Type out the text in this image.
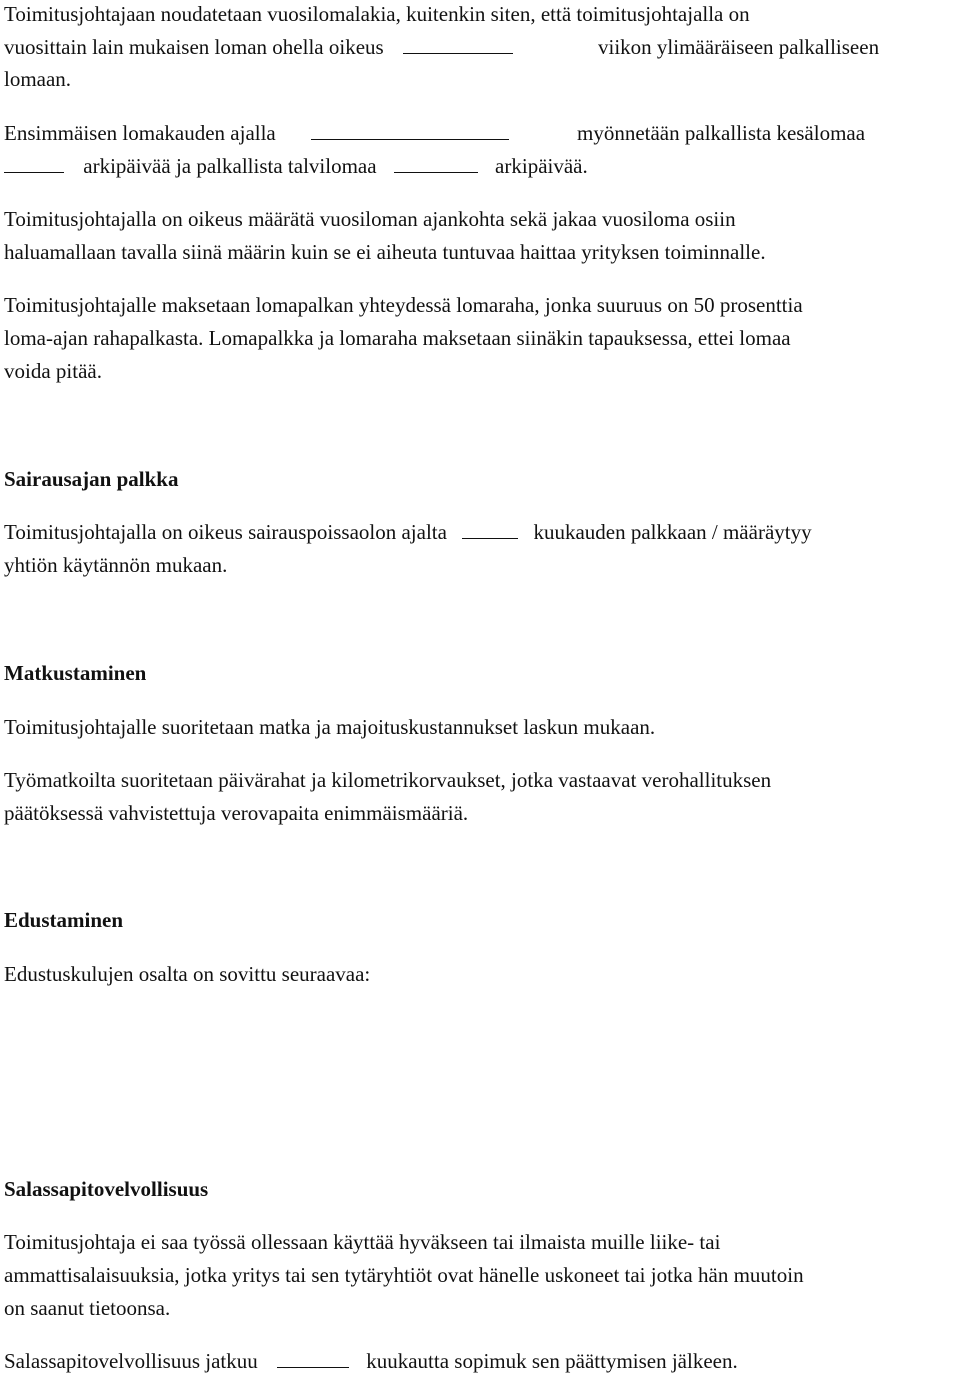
Toimitusjohtajaan noudatetaan vuosilomalakia, kuitenkin siten, että toimitusjohtajalla on
vuosittain lain mukaisen loman ohella oikeus	viikon ylimääräiseen palkalliseen
lomaan.
Ensimmäisen lomakauden ajalla	myönnetään palkallista kesälomaa
arkipäivää ja palkallista talvilomaa	arkipäivää.
Toimitusjohtajalla on oikeus määrätä vuosiloman ajankohta sekä jakaa vuosiloma osiin
haluamallaan tavalla siinä määrin kuin se ei aiheuta tuntuvaa haittaa yrityksen toiminnalle.
Toimitusjohtajalle maksetaan lomapalkan yhteydessä lomaraha, jonka suuruus on 50 prosenttia
loma-ajan rahapalkasta. Lomapalkka ja lomaraha maksetaan siinäkin tapauksessa, ettei lomaa
voida pitää.
Sairausajan palkka
Toimitusjohtajalla on oikeus sairauspoissaolon ajalta	kuukauden palkkaan / määräytyy
yhtiön käytännön mukaan.
Matkustaminen
Toimitusjohtajalle suoritetaan matka ja majoituskustannukset laskun mukaan.
Työmatkoilta suoritetaan päivärahat ja kilometrikorvaukset, jotka vastaavat verohallituksen
päätöksessä vahvistettuja verovapaita enimmäismääriä.
Edustaminen
Edustuskulujen osalta on sovittu seuraavaa:
Salassapitovelvollisuus
Toimitusjohtaja ei saa työssä ollessaan käyttää hyväkseen tai ilmaista muille liike- tai
ammattisalaisuuksia, jotka yritys tai sen tytäryhtiöt ovat hänelle uskoneet tai jotka hän muutoin
on saanut tietoonsa.
Salassapitovelvollisuus jatkuu	kuukautta sopimuk sen päättymisen jälkeen.
